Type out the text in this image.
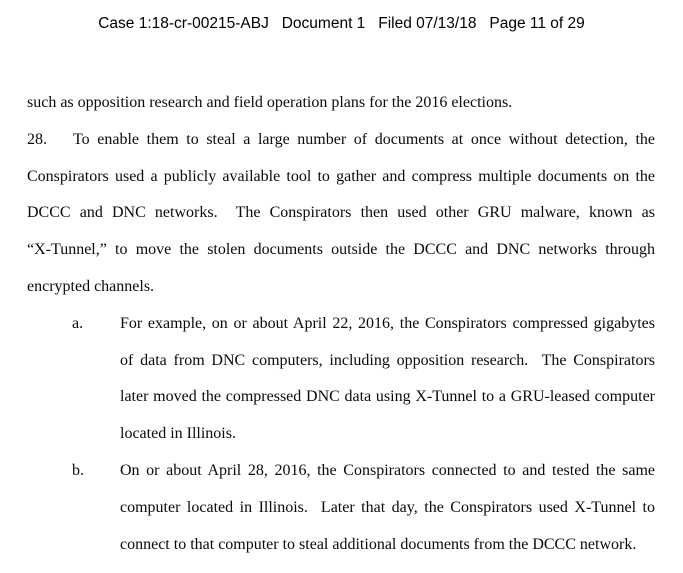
Case 1:18-cr-00215-ABJ   Document 1   Filed 07/13/18   Page 11 of 29
such as opposition research and field operation plans for the 2016 elections.
28. To enable them to steal a large number of documents at once without detection, the
Conspirators used a publicly available tool to gather and compress multiple documents on the
DCCC and DNC networks.  The Conspirators then used other GRU malware, known as
“X-Tunnel,” to move the stolen documents outside the DCCC and DNC networks through
encrypted channels.
a.	For example, on or about April 22, 2016, the Conspirators compressed gigabytes
of data from DNC computers, including opposition research.  The Conspirators
later moved the compressed DNC data using X-Tunnel to a GRU-leased computer
located in Illinois.
b.	On or about April 28, 2016, the Conspirators connected to and tested the same
computer located in Illinois.  Later that day, the Conspirators used X-Tunnel to
connect to that computer to steal additional documents from the DCCC network.
